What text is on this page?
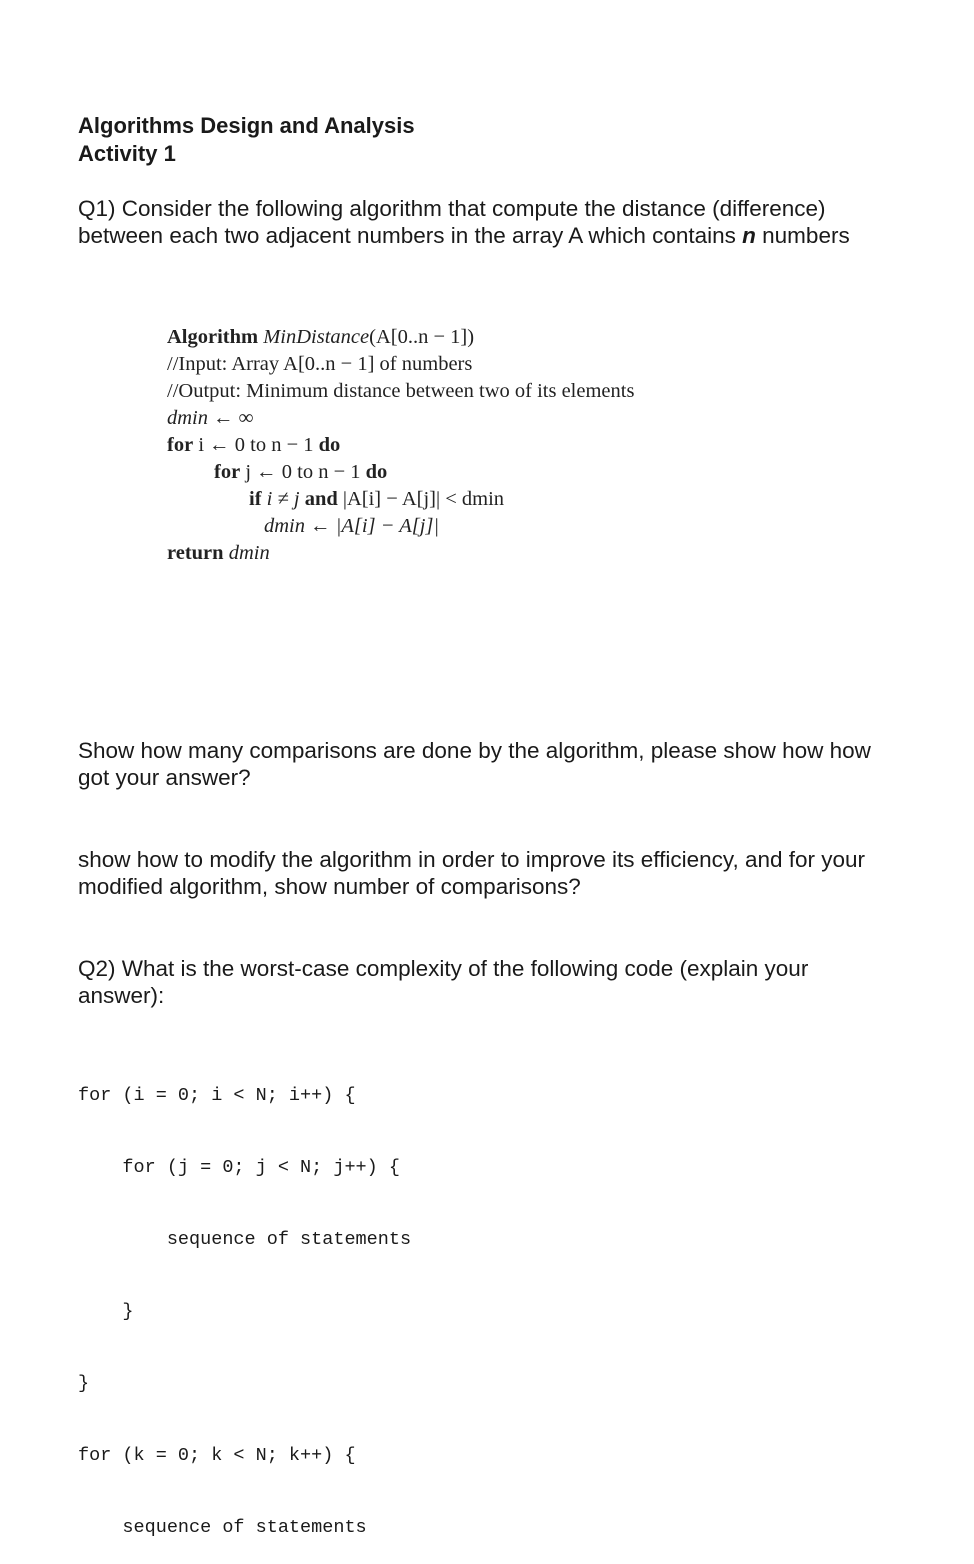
Algorithms Design and Analysis
Activity 1
Q1) Consider the following algorithm that compute the distance (difference) between each two adjacent numbers in the array A which contains n numbers
Algorithm MinDistance(A[0..n − 1])
//Input: Array A[0..n − 1] of numbers
//Output: Minimum distance between two of its elements
dmin ← ∞
for i ← 0 to n − 1 do
for j ← 0 to n − 1 do
if i ≠ j and |A[i] − A[j]| < dmin
dmin ← |A[i] − A[j]|
return dmin
Show how many comparisons are done by the algorithm, please show how how got your answer?
show how to modify the algorithm in order to improve its efficiency, and for your modified algorithm, show number of comparisons?
Q2) What is the worst-case complexity of the following code (explain your answer):

for (i = 0; i < N; i++) {

for (j = 0; j < N; j++) {

sequence of statements

}

}

for (k = 0; k < N; k++) {

sequence of statements
